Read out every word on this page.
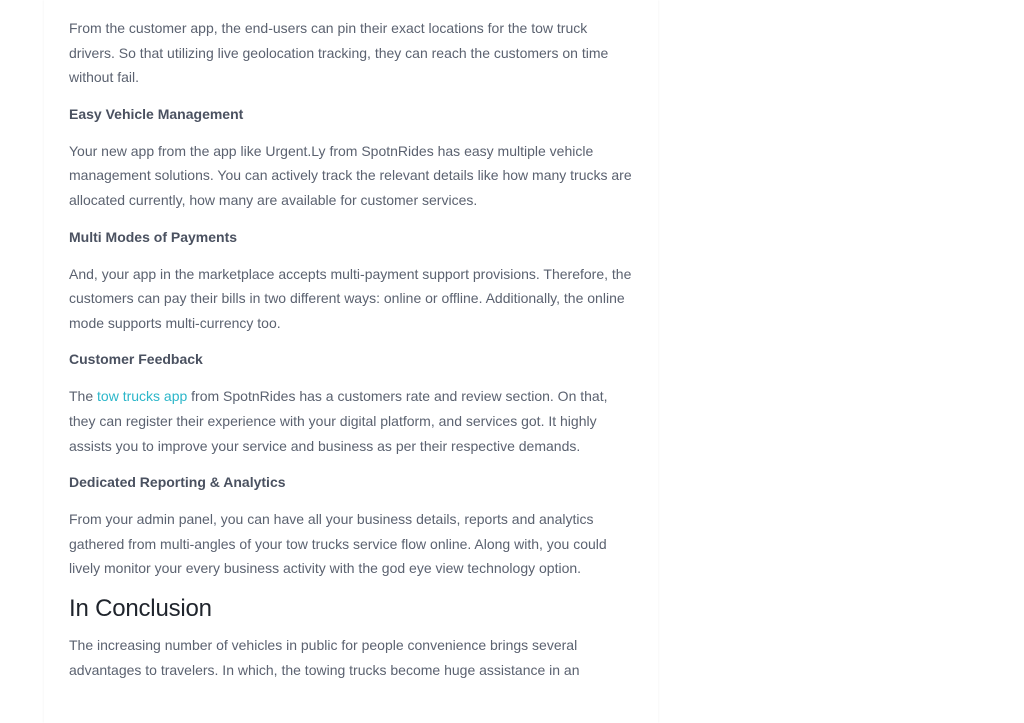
From the customer app, the end-users can pin their exact locations for the tow truck drivers. So that utilizing live geolocation tracking, they can reach the customers on time without fail.

Easy Vehicle Management

Your new app from the app like Urgent.Ly from SpotnRides has easy multiple vehicle management solutions. You can actively track the relevant details like how many trucks are allocated currently, how many are available for customer services.

Multi Modes of Payments

And, your app in the marketplace accepts multi-payment support provisions. Therefore, the customers can pay their bills in two different ways: online or offline. Additionally, the online mode supports multi-currency too.

Customer Feedback

The tow trucks app from SpotnRides has a customers rate and review section. On that, they can register their experience with your digital platform, and services got. It highly assists you to improve your service and business as per their respective demands.

Dedicated Reporting & Analytics

From your admin panel, you can have all your business details, reports and analytics gathered from multi-angles of your tow trucks service flow online. Along with, you could lively monitor your every business activity with the god eye view technology option.

In Conclusion

The increasing number of vehicles in public for people convenience brings several advantages to travelers. In which, the towing trucks become huge assistance in an
